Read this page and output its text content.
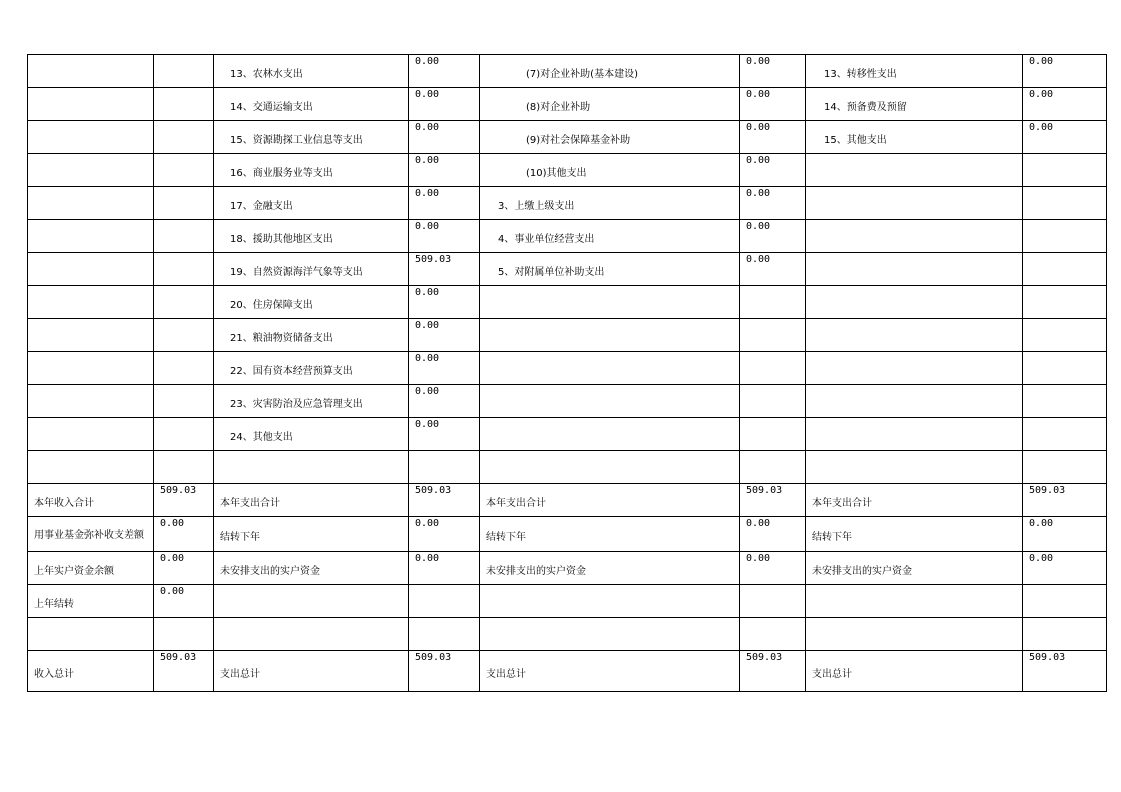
		13、农林水支出	0.00	(7)对企业补助(基本建设)	0.00	13、转移性支出	0.00

		14、交通运输支出	0.00	(8)对企业补助	0.00	14、预备费及预留	0.00

		15、资源勘探工业信息等支出	0.00	(9)对社会保障基金补助	0.00	15、其他支出	0.00

		16、商业服务业等支出	0.00	(10)其他支出	0.00		

		17、金融支出	0.00	3、上缴上级支出	0.00		

		18、援助其他地区支出	0.00	4、事业单位经营支出	0.00		

		19、自然资源海洋气象等支出	509.03	5、对附属单位补助支出	0.00		

		20、住房保障支出	0.00				

		21、粮油物资储备支出	0.00				

		22、国有资本经营预算支出	0.00				

		23、灾害防治及应急管理支出	0.00				

		24、其他支出	0.00				

本年收入合计	509.03	本年支出合计	509.03	本年支出合计	509.03	本年支出合计	509.03

用事业基金弥补收支差额	0.00	结转下年	0.00	结转下年	0.00	结转下年	0.00

上年实户资金余额	0.00	未安排支出的实户资金	0.00	未安排支出的实户资金	0.00	未安排支出的实户资金	0.00

上年结转	0.00						

收入总计	509.03	支出总计	509.03	支出总计	509.03	支出总计	509.03
